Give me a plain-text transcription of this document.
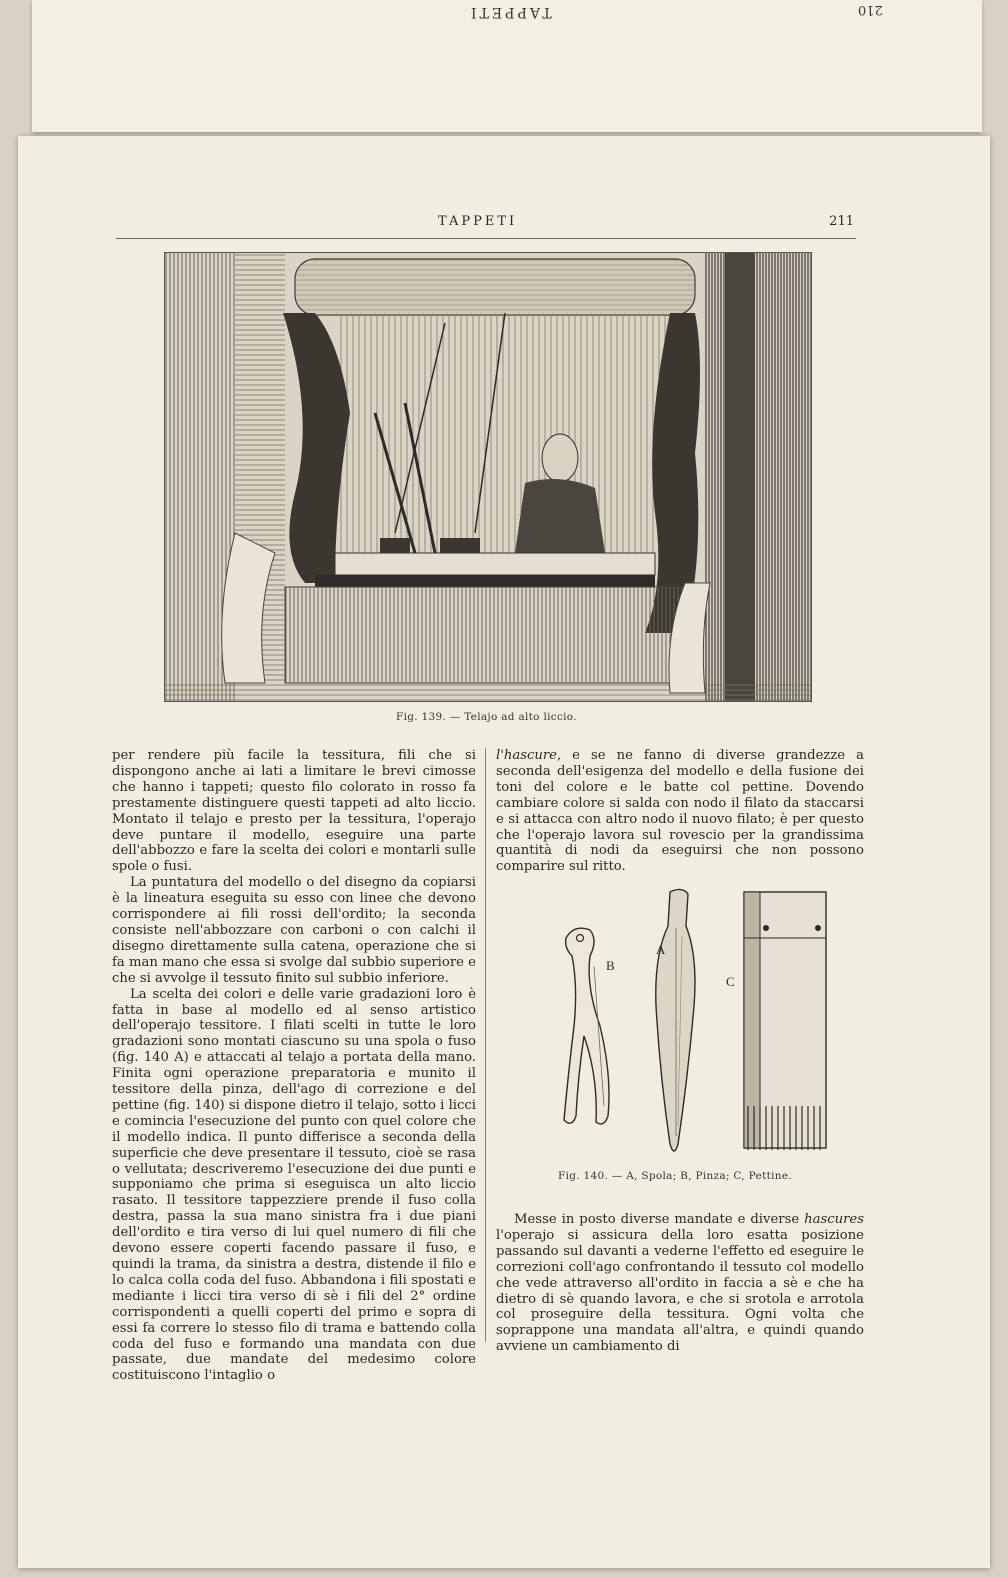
TAPPETI	210
TAPPETI	211
Fig. 139. — Telajo ad alto liccio.

per rendere più facile la tessitura, fili che si dispongono anche ai lati a limitare le brevi cimosse che hanno i tappeti; questo filo colorato in rosso fa prestamente distinguere questi tappeti ad alto liccio. Montato il telajo e presto per la tessitura, l'operajo deve puntare il modello, eseguire una parte dell'abbozzo e fare la scelta dei colori e montarli sulle spole o fusi.

La puntatura del modello o del disegno da copiarsi è la lineatura eseguita su esso con linee che devono corrispondere ai fili rossi dell'ordito; la seconda consiste nell'abbozzare con carboni o con calchi il disegno direttamente sulla catena, operazione che si fa man mano che essa si svolge dal subbio superiore e che si avvolge il tessuto finito sul subbio inferiore.

La scelta dei colori e delle varie gradazioni loro è fatta in base al modello ed al senso artistico dell'operajo tessitore. I filati scelti in tutte le loro gradazioni sono montati ciascuno su una spola o fuso (fig. 140 A) e attaccati al telajo a portata della mano. Finita ogni operazione preparatoria e munito il tessitore della pinza, dell'ago di correzione e del pettine (fig. 140) si dispone dietro il telajo, sotto i licci e comincia l'esecuzione del punto con quel colore che il modello indica. Il punto differisce a seconda della superficie che deve presentare il tessuto, cioè se rasa o vellutata; descriveremo l'esecuzione dei due punti e supponiamo che prima si eseguisca un alto liccio rasato. Il tessitore tappezziere prende il fuso colla destra, passa la sua mano sinistra fra i due piani dell'ordito e tira verso di lui quel numero di fili che devono essere coperti facendo passare il fuso, e quindi la trama, da sinistra a destra, distende il filo e lo calca colla coda del fuso. Abbandona i fili spostati e mediante i licci tira verso di sè i fili del 2° ordine corrispondenti a quelli coperti del primo e sopra di essi fa correre lo stesso filo di trama e battendo colla coda del fuso e formando una mandata con due passate, due mandate del medesimo colore costituiscono l'intaglio o

l'hascure, e se ne fanno di diverse grandezze a seconda dell'esigenza del modello e della fusione dei toni del colore e le batte col pettine. Dovendo cambiare colore si salda con nodo il filato da staccarsi e si attacca con altro nodo il nuovo filato; è per questo che l'operajo lavora sul rovescio per la grandissima quantità di nodi da eseguirsi che non possono comparire sul ritto.

B
A
C
Fig. 140. — A, Spola; B, Pinza; C, Pettine.

Messe in posto diverse mandate e diverse hascures l'operajo si assicura della loro esatta posizione passando sul davanti a vederne l'effetto ed eseguire le correzioni coll'ago confrontando il tessuto col modello che vede attraverso all'ordito in faccia a sè e che ha dietro di sè quando lavora, e che si srotola e arrotola col proseguire della tessitura. Ogni volta che soprappone una mandata all'altra, e quindi quando avviene un cambiamento di
